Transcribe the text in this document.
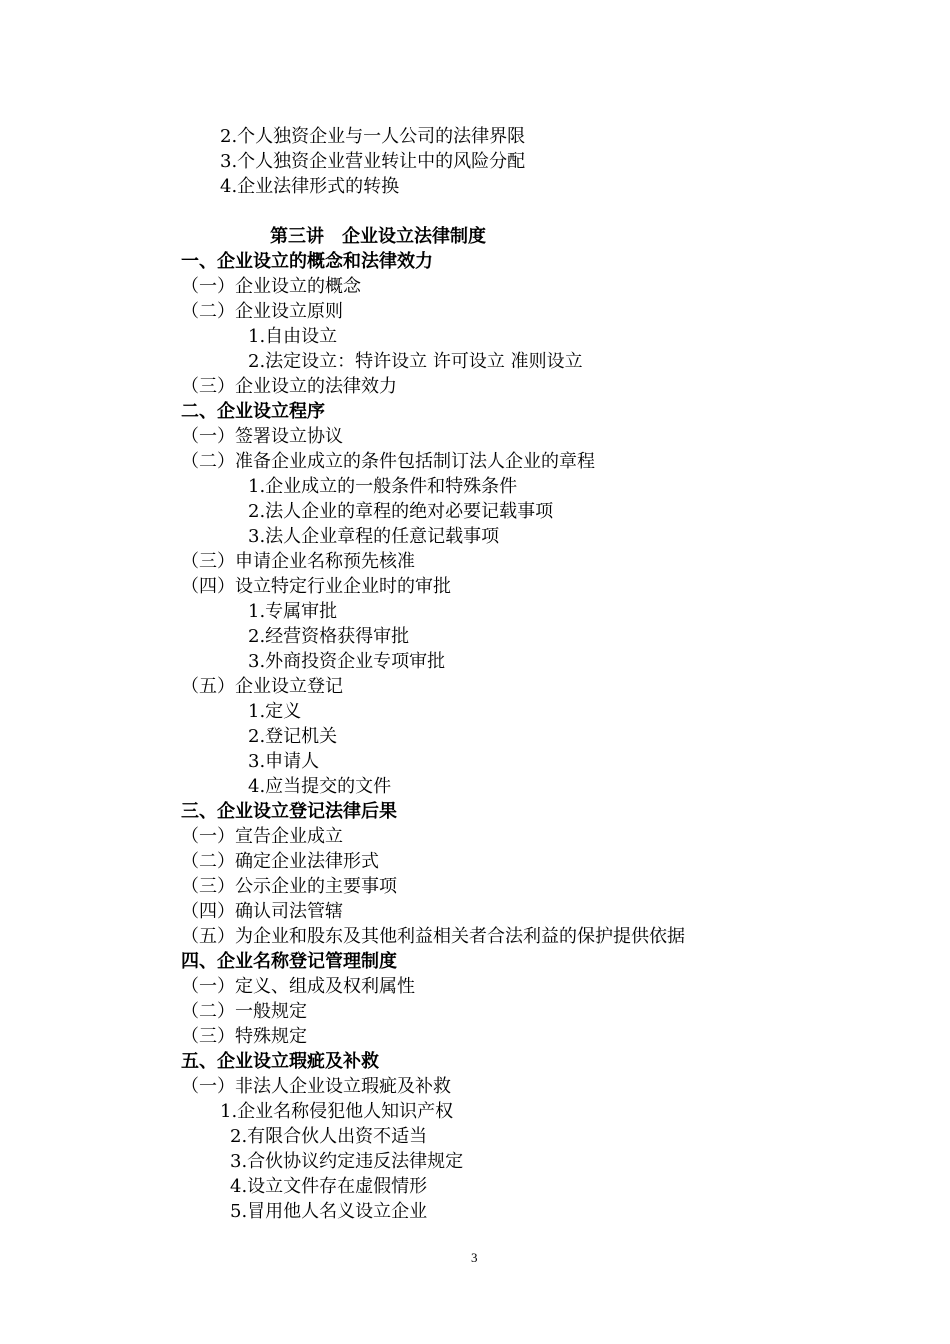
2.个人独资企业与一人公司的法律界限
3.个人独资企业营业转让中的风险分配
4.企业法律形式的转换
第三讲　企业设立法律制度
一、企业设立的概念和法律效力
（一）企业设立的概念
（二）企业设立原则
1.自由设立
2.法定设立：特许设立 许可设立 准则设立
（三）企业设立的法律效力
二、企业设立程序
（一）签署设立协议
（二）准备企业成立的条件包括制订法人企业的章程
1.企业成立的一般条件和特殊条件
2.法人企业的章程的绝对必要记载事项
3.法人企业章程的任意记载事项
（三）申请企业名称预先核准
（四）设立特定行业企业时的审批
1.专属审批
2.经营资格获得审批
3.外商投资企业专项审批
（五）企业设立登记
1.定义
2.登记机关
3.申请人
4.应当提交的文件
三、企业设立登记法律后果
（一）宣告企业成立
（二）确定企业法律形式
（三）公示企业的主要事项
（四）确认司法管辖
（五）为企业和股东及其他利益相关者合法利益的保护提供依据
四、企业名称登记管理制度
（一）定义、组成及权利属性
（二）一般规定
（三）特殊规定
五、企业设立瑕疵及补救
（一）非法人企业设立瑕疵及补救
1.企业名称侵犯他人知识产权
2.有限合伙人出资不适当
3.合伙协议约定违反法律规定
4.设立文件存在虚假情形
5.冒用他人名义设立企业
3
